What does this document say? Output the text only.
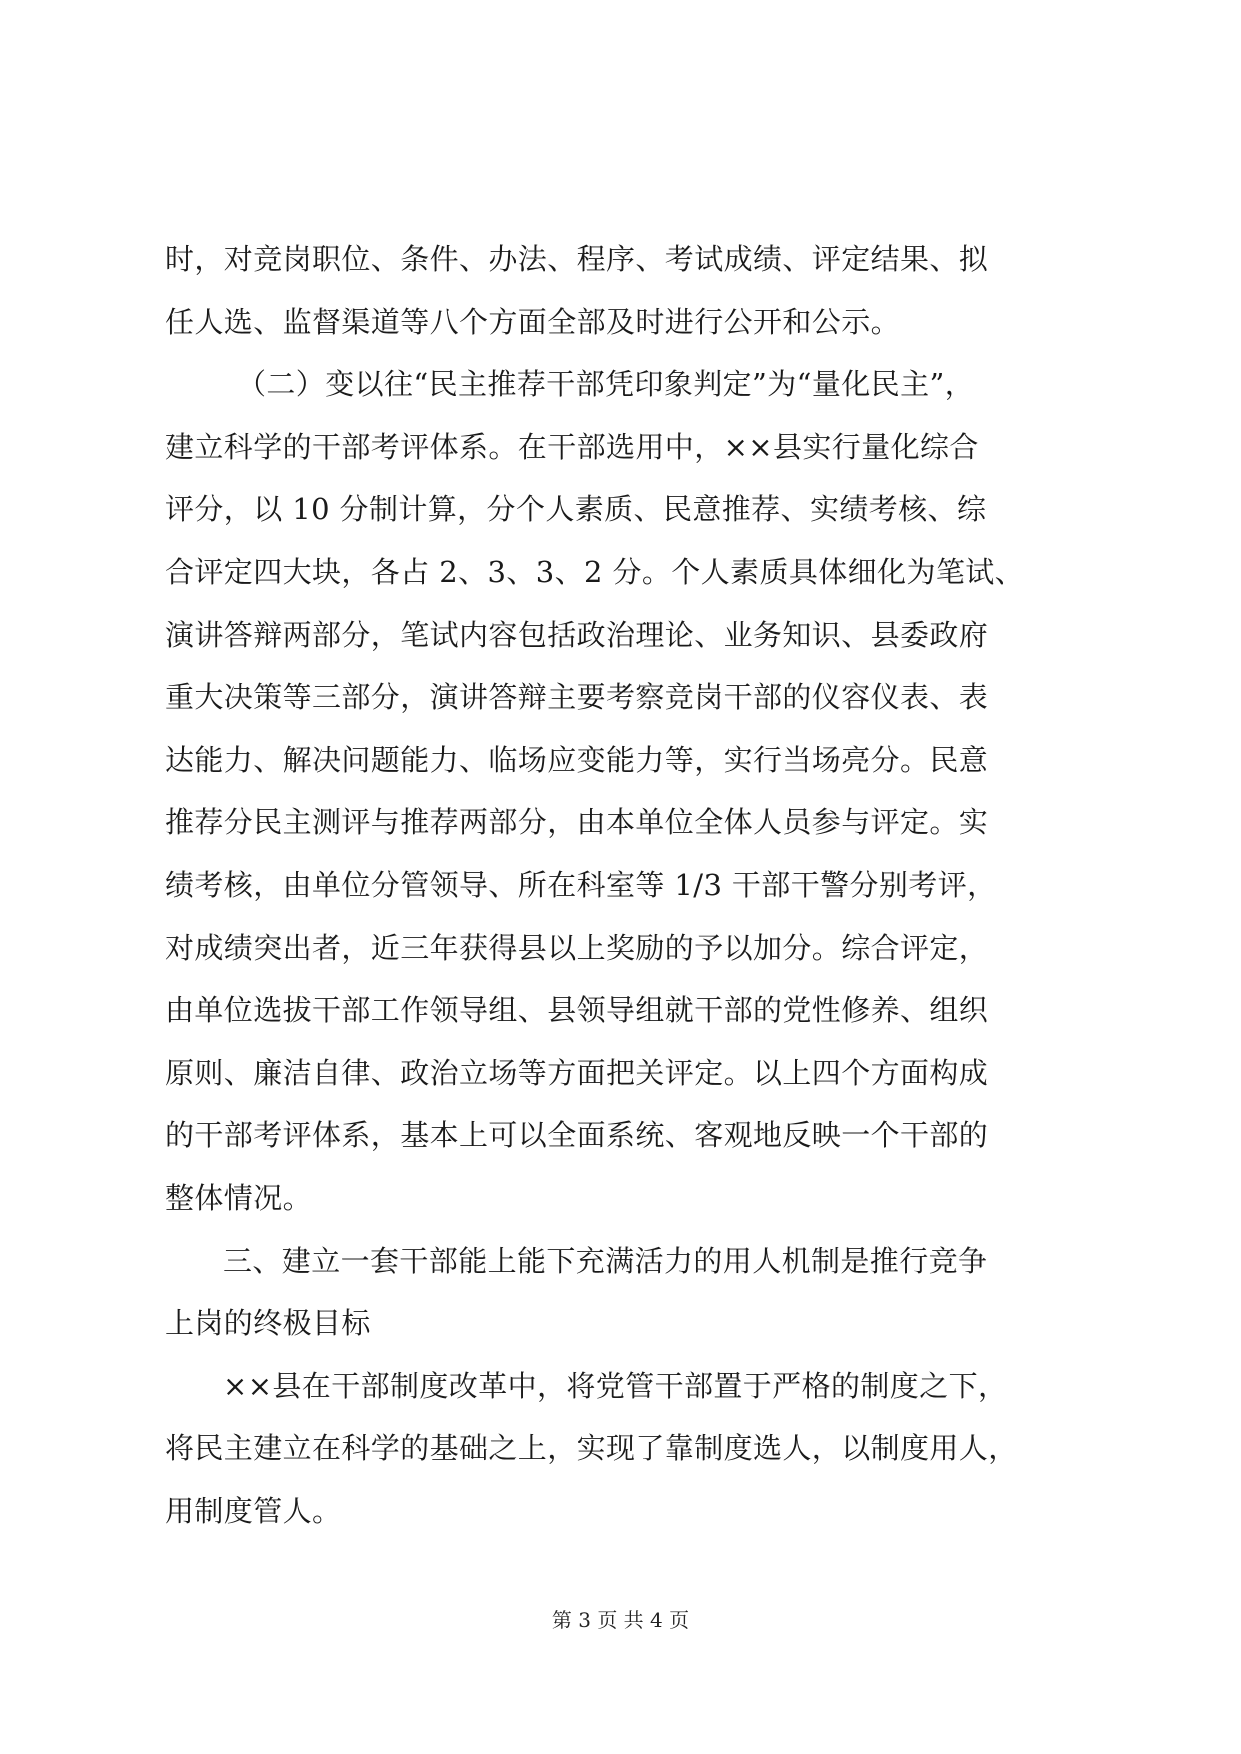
时，对竞岗职位、条件、办法、程序、考试成绩、评定结果、拟
任人选、监督渠道等八个方面全部及时进行公开和公示。
（二）变以往“民主推荐干部凭印象判定”为“量化民主”，
建立科学的干部考评体系。在干部选用中，××县实行量化综合
评分，以 10 分制计算，分个人素质、民意推荐、实绩考核、综
合评定四大块，各占 2、3、3、2 分。个人素质具体细化为笔试、
演讲答辩两部分，笔试内容包括政治理论、业务知识、县委政府
重大决策等三部分，演讲答辩主要考察竞岗干部的仪容仪表、表
达能力、解决问题能力、临场应变能力等，实行当场亮分。民意
推荐分民主测评与推荐两部分，由本单位全体人员参与评定。实
绩考核，由单位分管领导、所在科室等 1/3 干部干警分别考评，
对成绩突出者，近三年获得县以上奖励的予以加分。综合评定，
由单位选拔干部工作领导组、县领导组就干部的党性修养、组织
原则、廉洁自律、政治立场等方面把关评定。以上四个方面构成
的干部考评体系，基本上可以全面系统、客观地反映一个干部的
整体情况。
三、建立一套干部能上能下充满活力的用人机制是推行竞争
上岗的终极目标
××县在干部制度改革中，将党管干部置于严格的制度之下，
将民主建立在科学的基础之上，实现了靠制度选人，以制度用人，
用制度管人。
第 3 页 共 4 页
